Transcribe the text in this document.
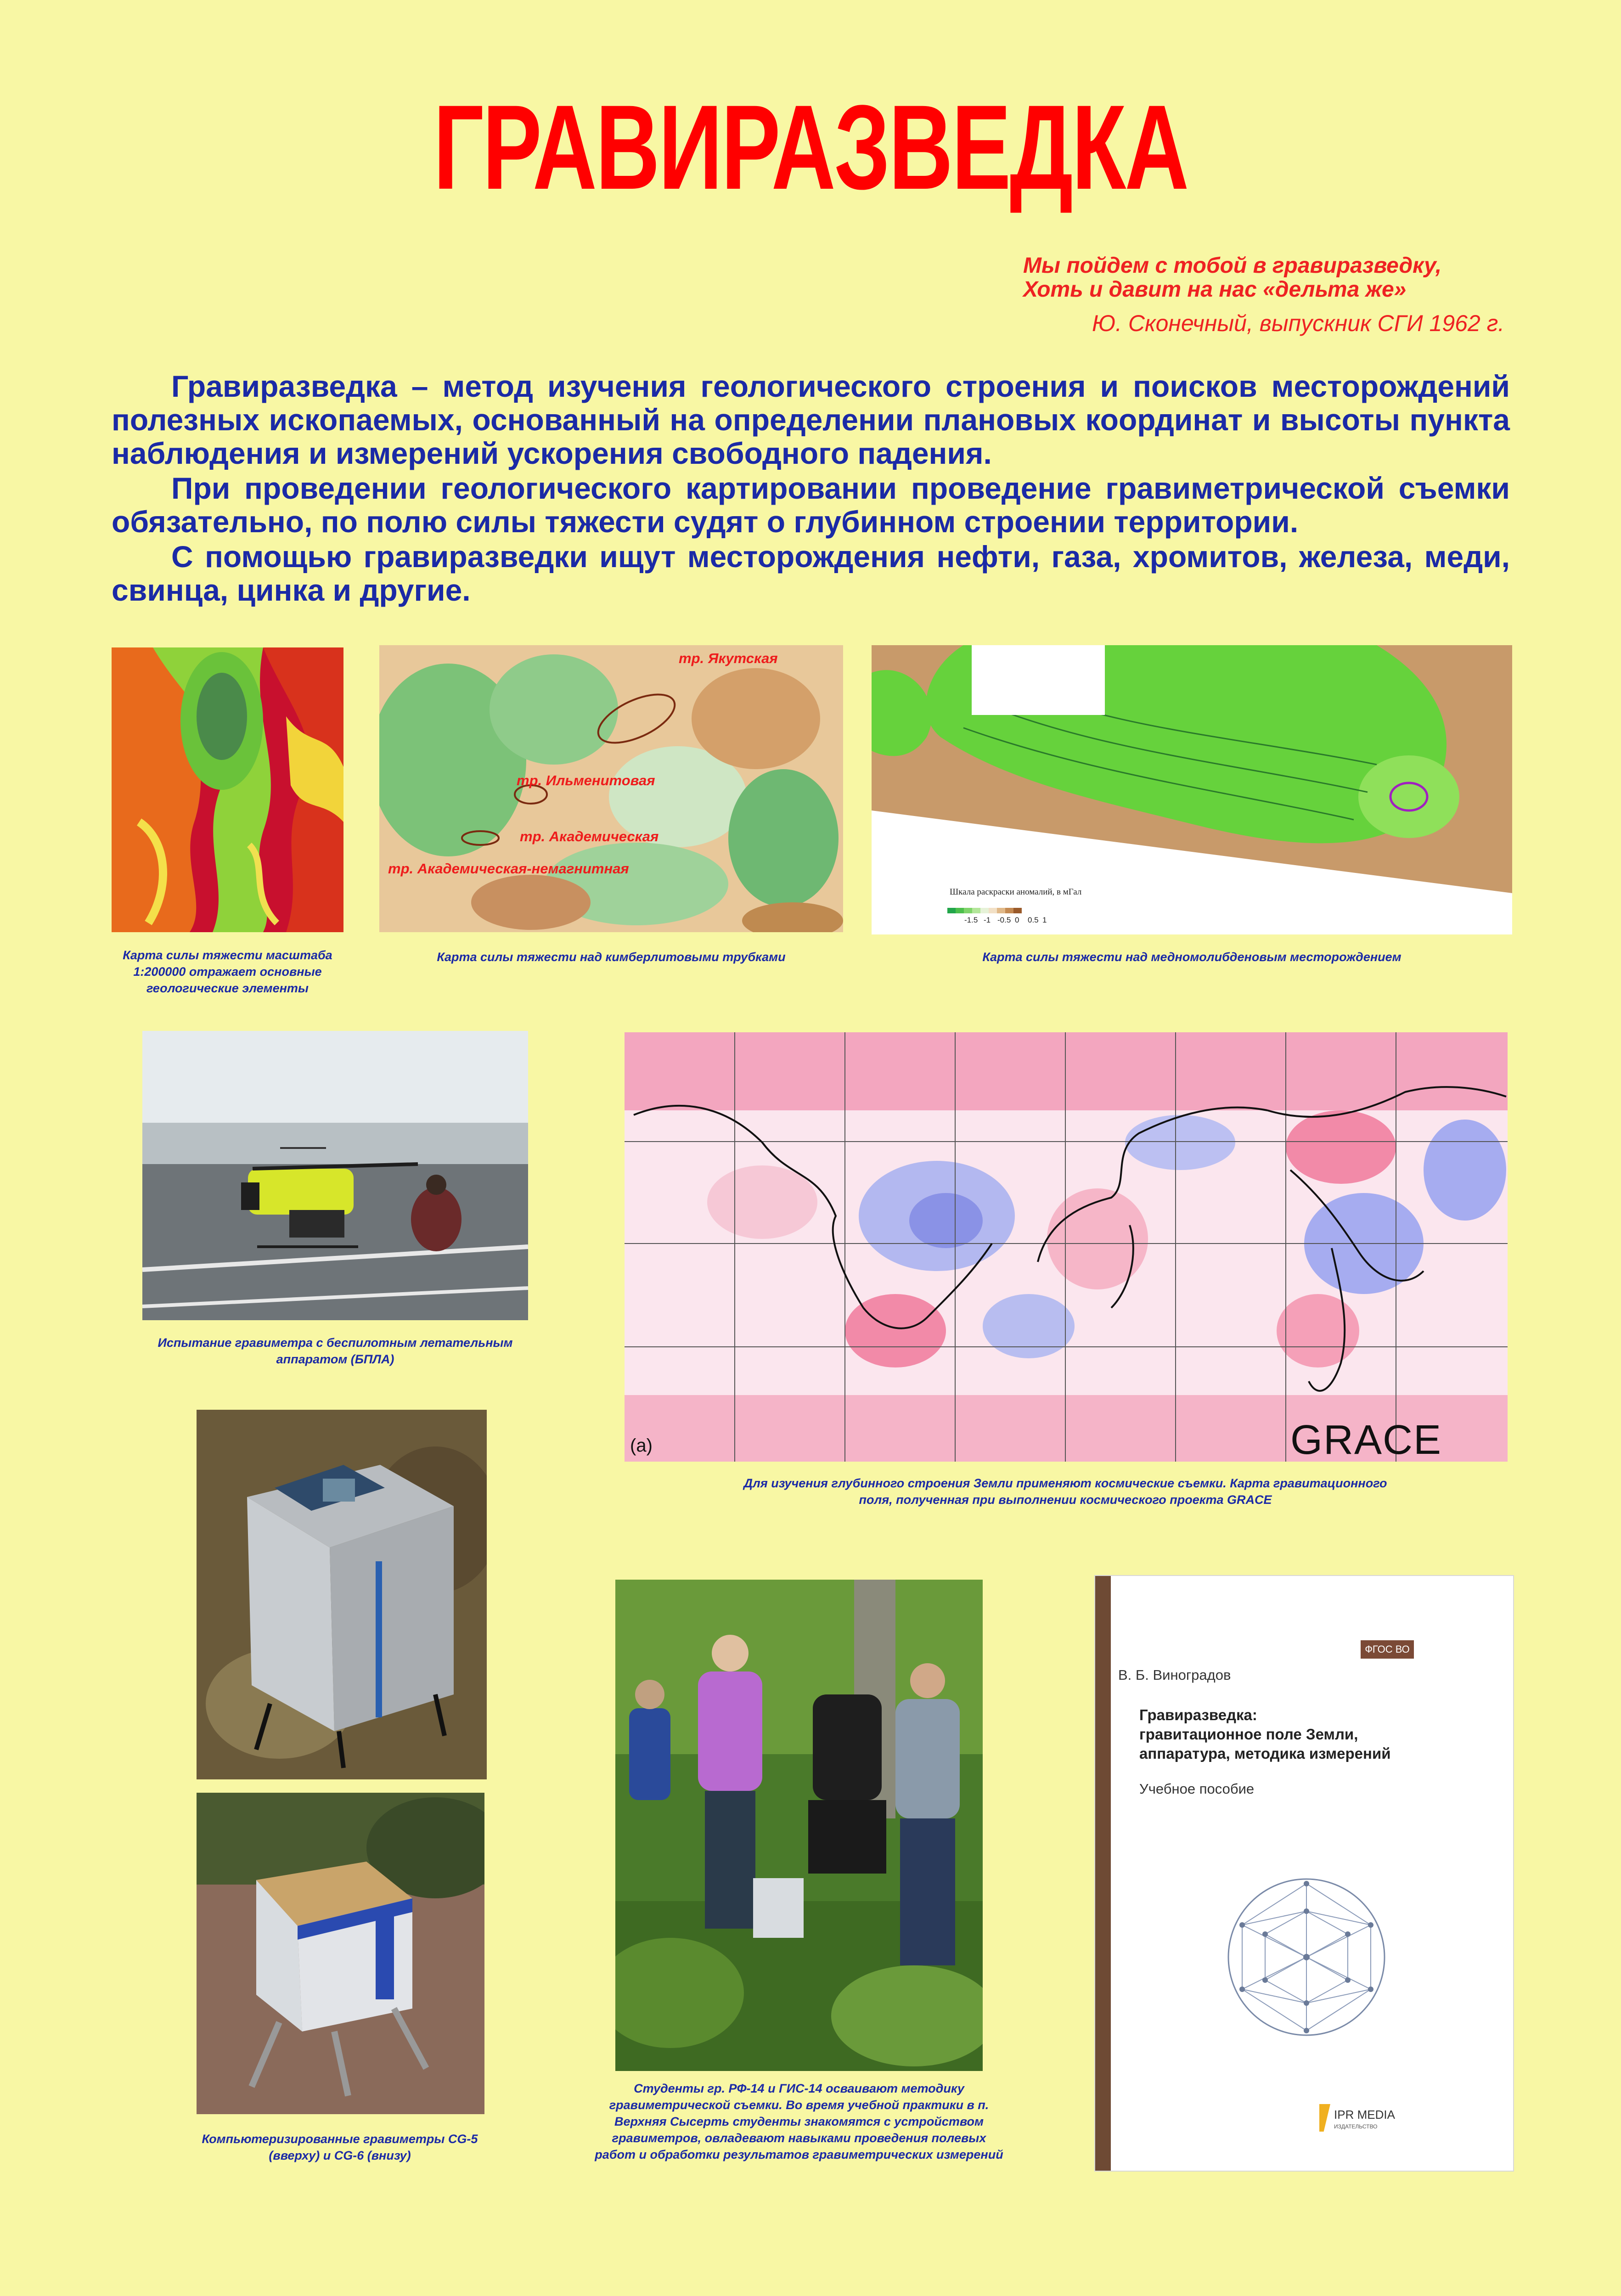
ГРАВИРАЗВЕДКА
Мы пойдем с тобой в гравиразведку,
Хоть и давит на нас «дельта же»
Ю. Сконечный, выпускник СГИ 1962 г.

Гравиразведка – метод изучения геологического строения и поисков месторождений полезных ископаемых, основанный на определении плановых координат и высоты пункта наблюдения и измерений ускорения свободного падения.

При проведении геологического картировании проведение гравиметрической съемки обязательно, по полю силы тяжести судят о глубинном строении территории.

С помощью гравиразведки ищут месторождения нефти, газа, хромитов, железа, меди, свинца, цинка и другие.

Карта силы тяжести масштаба 1:200000 отражает основные геологические элементы
тр. Якутская
тр. Ильменитовая
тр. Академическая
тр. Академическая-немагнитная
Карта силы тяжести над кимберлитовыми трубками
Шкала раскраски аномалий, в мГал
-1.5 -1 -0.5 0 0.5 1
Карта силы тяжести над медномолибденовым месторождением
Испытание гравиметра с беспилотным летательным аппаратом (БПЛА)
(a)	GRACE
Для изучения глубинного строения Земли применяют космические съемки. Карта гравитационного поля, полученная при выполнении космического проекта GRACE
Компьютеризированные гравиметры CG-5 (вверху) и CG-6 (внизу)
Студенты гр. РФ-14 и ГИС-14 осваивают методику гравиметрической съемки. Во время учебной практики в п. Верхняя Сысерть студенты знакомятся с устройством гравиметров, овладевают навыками проведения полевых работ и обработки результатов гравиметрических измерений
ФГОС ВО
В. Б. Виноградов
Гравиразведка:
гравитационное поле Земли,
аппаратура, методика измерений
Учебное пособие
IPR MEDIA
ИЗДАТЕЛЬСТВО
